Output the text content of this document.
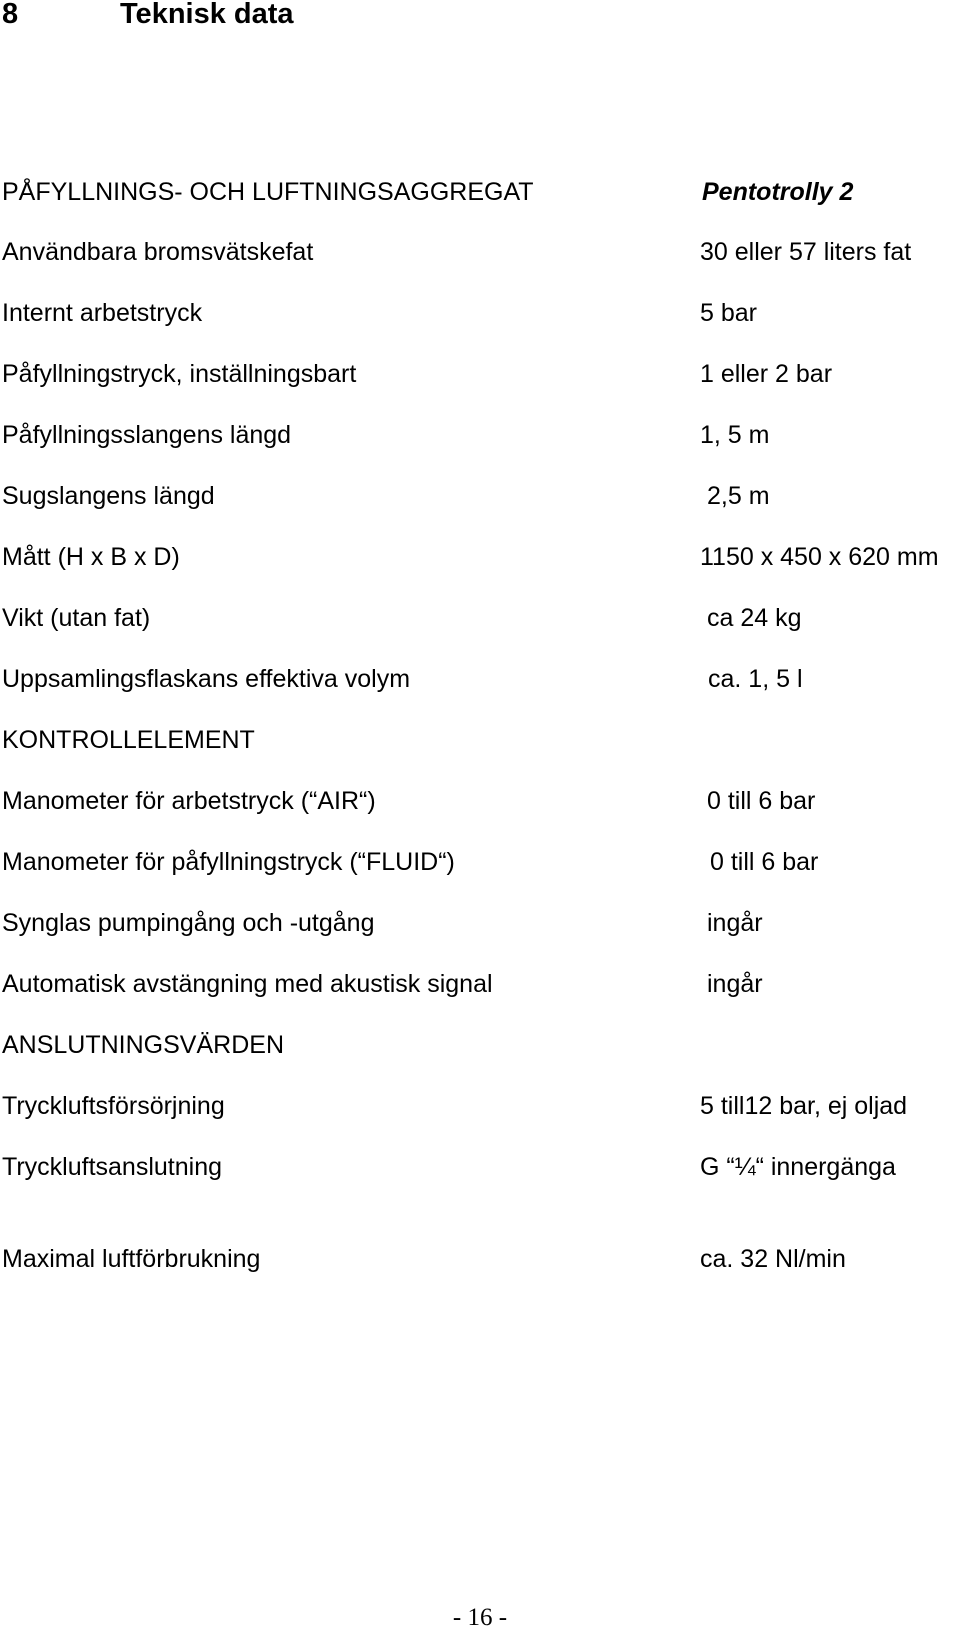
8	Teknisk data
PÅFYLLNINGS- OCH LUFTNINGSAGGREGAT	Pentotrolly 2
Användbara bromsvätskefat	30 eller 57 liters fat
Internt arbetstryck	5 bar
Påfyllningstryck, inställningsbart	1 eller 2 bar
Påfyllningsslangens längd	1, 5 m
Sugslangens längd	2,5 m
Mått (H x B x D)	1150 x 450 x 620 mm
Vikt (utan fat)	ca 24 kg
Uppsamlingsflaskans effektiva volym	ca. 1, 5 l
KONTROLLELEMENT
Manometer för arbetstryck (“AIR“)	0 till 6 bar
Manometer för påfyllningstryck (“FLUID“)	0 till 6 bar
Synglas pumpingång och -utgång	ingår
Automatisk avstängning med akustisk signal	ingår
ANSLUTNINGSVÄRDEN
Tryckluftsförsörjning	5 till12 bar, ej oljad
Tryckluftsanslutning	G “¼“ innergänga
Maximal luftförbrukning	ca. 32 Nl/min
- 16 -
